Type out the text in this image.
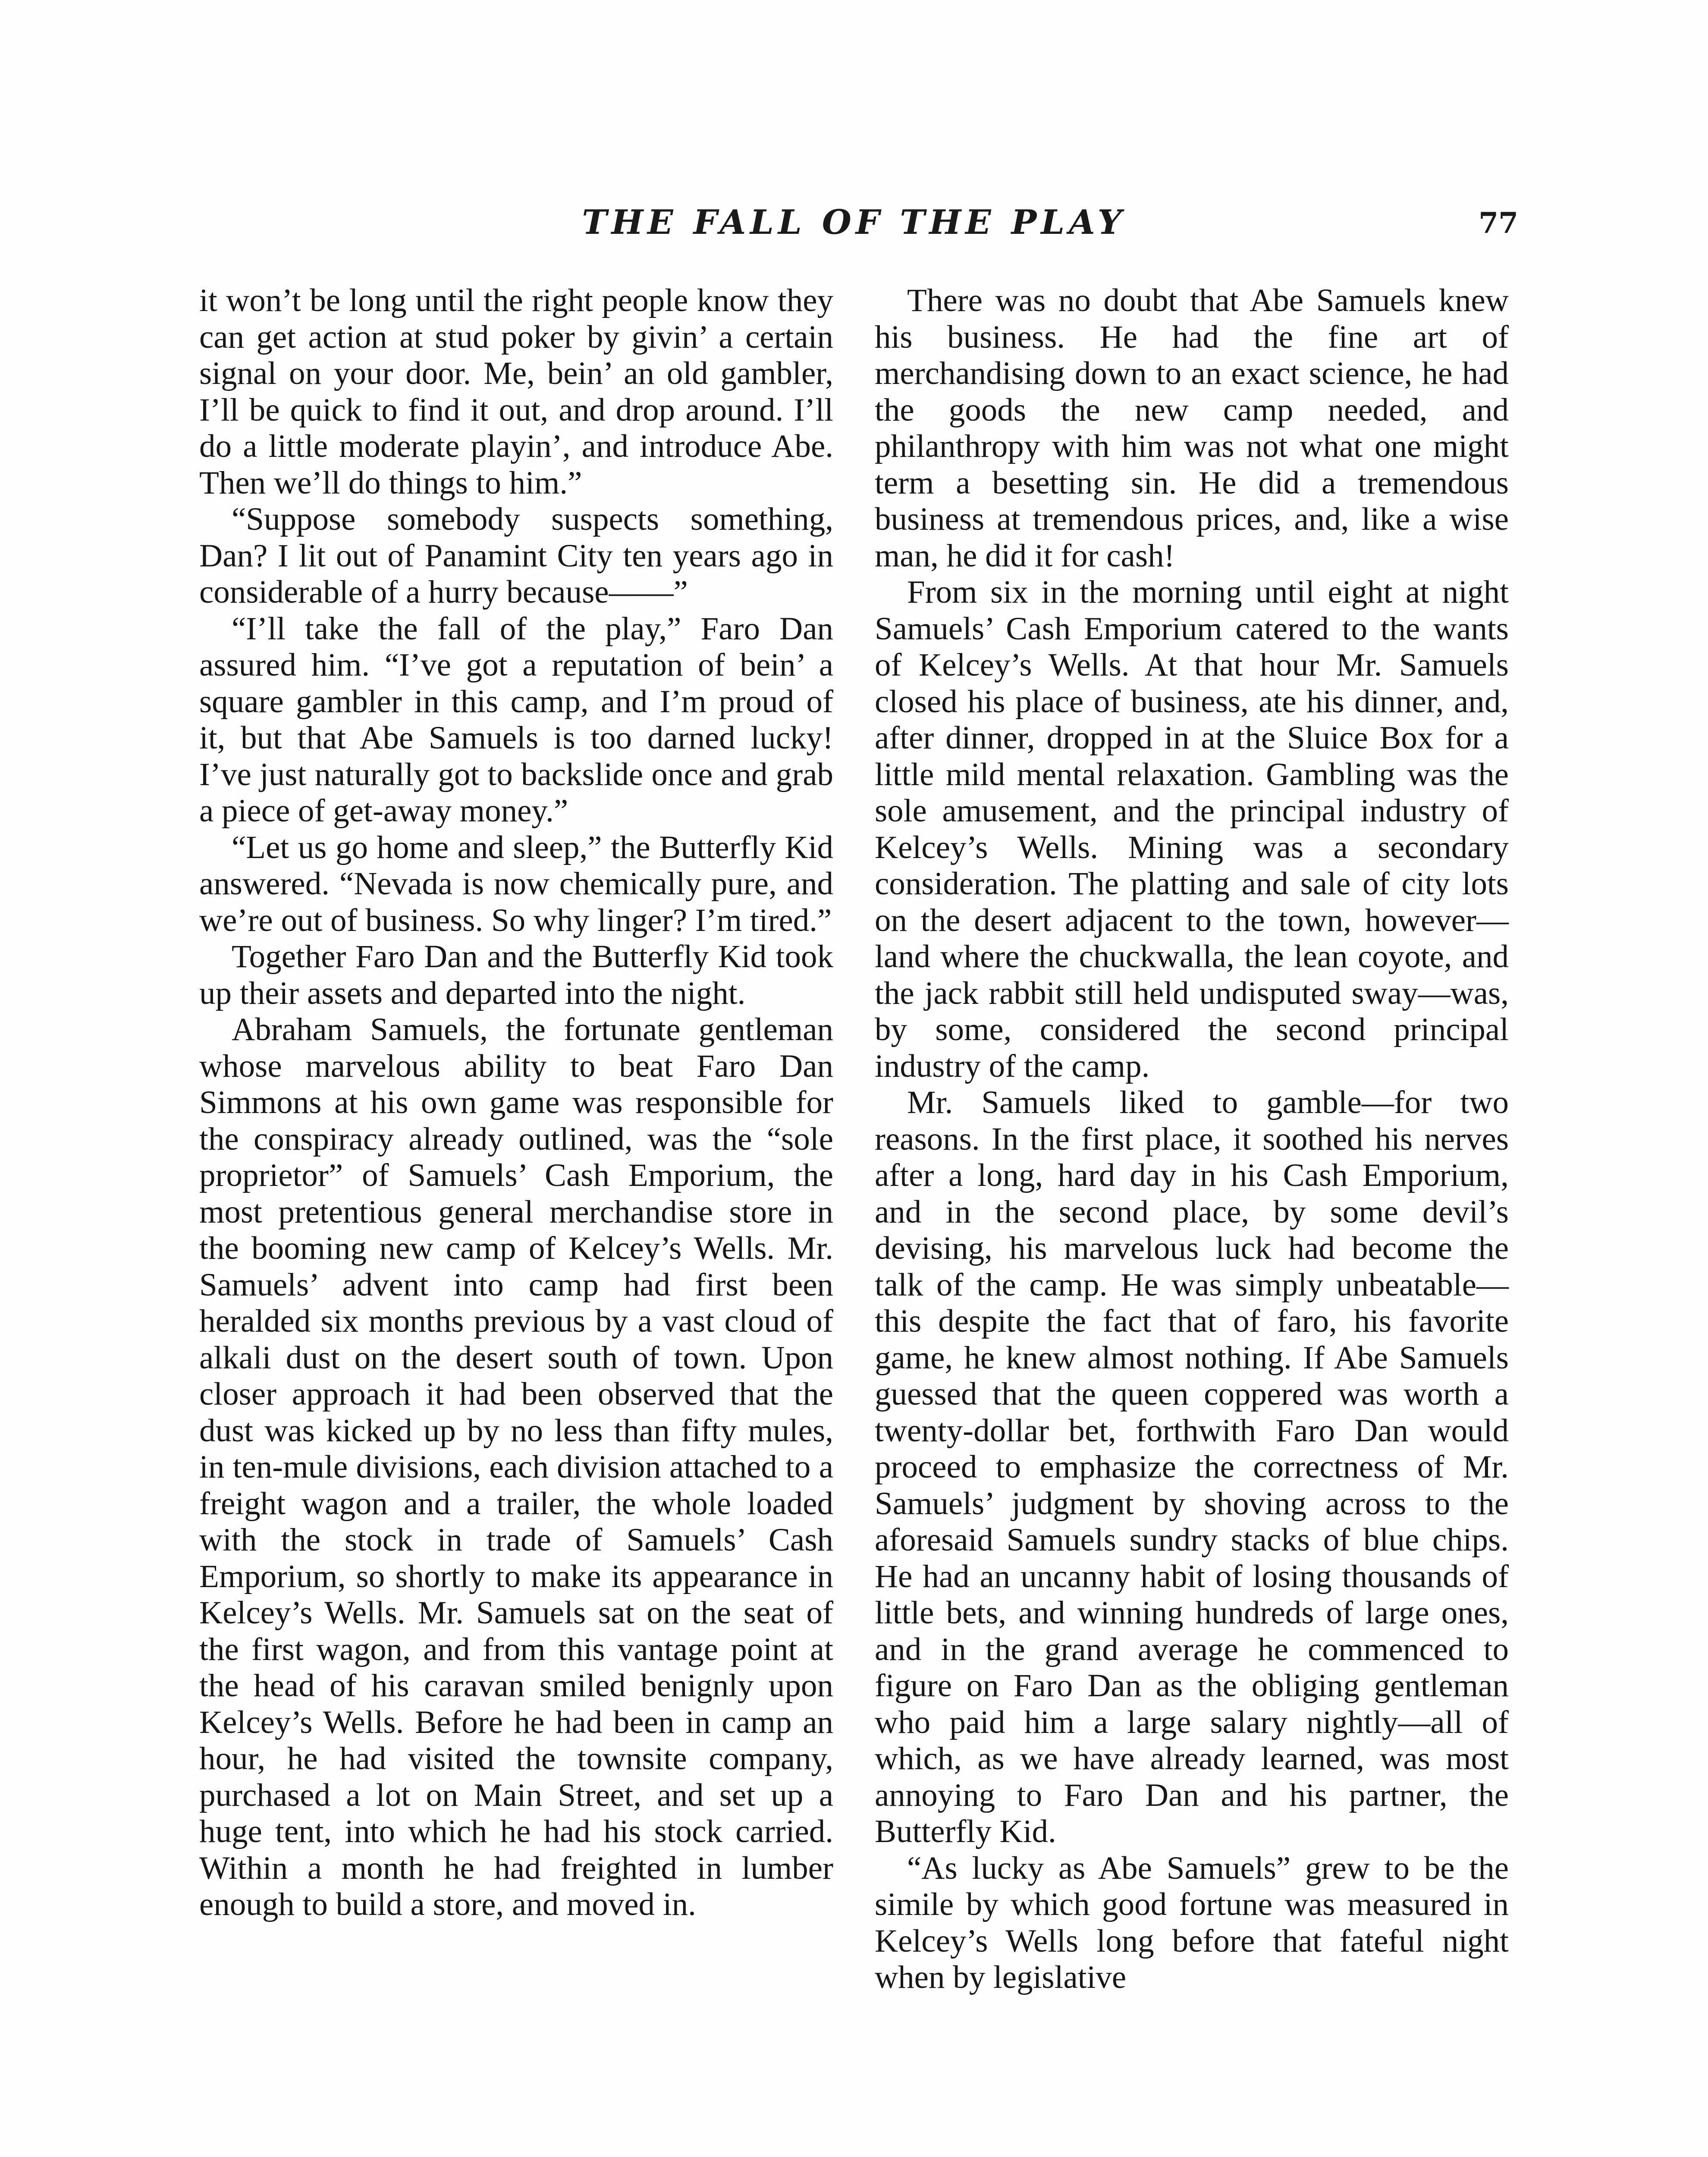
THE FALL OF THE PLAY	77

it won’t be long until the right people know they can get action at stud poker by givin’ a certain signal on your door. Me, bein’ an old gambler, I’ll be quick to find it out, and drop around. I’ll do a little moderate playin’, and introduce Abe. Then we’ll do things to him.”

“Suppose somebody suspects something, Dan? I lit out of Panamint City ten years ago in considerable of a hurry because——”

“I’ll take the fall of the play,” Faro Dan assured him. “I’ve got a reputation of bein’ a square gambler in this camp, and I’m proud of it, but that Abe Samuels is too darned lucky! I’ve just naturally got to backslide once and grab a piece of get-away money.”

“Let us go home and sleep,” the Butterfly Kid answered. “Nevada is now chemically pure, and we’re out of business. So why linger? I’m tired.”

Together Faro Dan and the Butterfly Kid took up their assets and departed into the night.

Abraham Samuels, the fortunate gentleman whose marvelous ability to beat Faro Dan Simmons at his own game was responsible for the conspiracy already outlined, was the “sole proprietor” of Samuels’ Cash Emporium, the most pretentious general merchandise store in the booming new camp of Kelcey’s Wells. Mr. Samuels’ advent into camp had first been heralded six months previous by a vast cloud of alkali dust on the desert south of town. Upon closer approach it had been observed that the dust was kicked up by no less than fifty mules, in ten-mule divisions, each division attached to a freight wagon and a trailer, the whole loaded with the stock in trade of Samuels’ Cash Emporium, so shortly to make its appearance in Kelcey’s Wells. Mr. Samuels sat on the seat of the first wagon, and from this vantage point at the head of his caravan smiled benignly upon Kelcey’s Wells. Before he had been in camp an hour, he had visited the townsite company, purchased a lot on Main Street, and set up a huge tent, into which he had his stock carried. Within a month he had freighted in lumber enough to build a store, and moved in.

There was no doubt that Abe Samuels knew his business. He had the fine art of merchandising down to an exact science, he had the goods the new camp needed, and philanthropy with him was not what one might term a besetting sin. He did a tremendous business at tremendous prices, and, like a wise man, he did it for cash!

From six in the morning until eight at night Samuels’ Cash Emporium catered to the wants of Kelcey’s Wells. At that hour Mr. Samuels closed his place of business, ate his dinner, and, after dinner, dropped in at the Sluice Box for a little mild mental relaxation. Gambling was the sole amusement, and the principal industry of Kelcey’s Wells. Mining was a secondary consideration. The platting and sale of city lots on the desert adjacent to the town, however—land where the chuckwalla, the lean coyote, and the jack rabbit still held undisputed sway—was, by some, considered the second principal industry of the camp.

Mr. Samuels liked to gamble—for two reasons. In the first place, it soothed his nerves after a long, hard day in his Cash Emporium, and in the second place, by some devil’s devising, his marvelous luck had become the talk of the camp. He was simply unbeatable—this despite the fact that of faro, his favorite game, he knew almost nothing. If Abe Samuels guessed that the queen coppered was worth a twenty-dollar bet, forthwith Faro Dan would proceed to emphasize the correctness of Mr. Samuels’ judgment by shoving across to the aforesaid Samuels sundry stacks of blue chips. He had an uncanny habit of losing thousands of little bets, and winning hundreds of large ones, and in the grand average he commenced to figure on Faro Dan as the obliging gentleman who paid him a large salary nightly—all of which, as we have already learned, was most annoying to Faro Dan and his partner, the Butterfly Kid.

“As lucky as Abe Samuels” grew to be the simile by which good fortune was measured in Kelcey’s Wells long before that fateful night when by legislative
